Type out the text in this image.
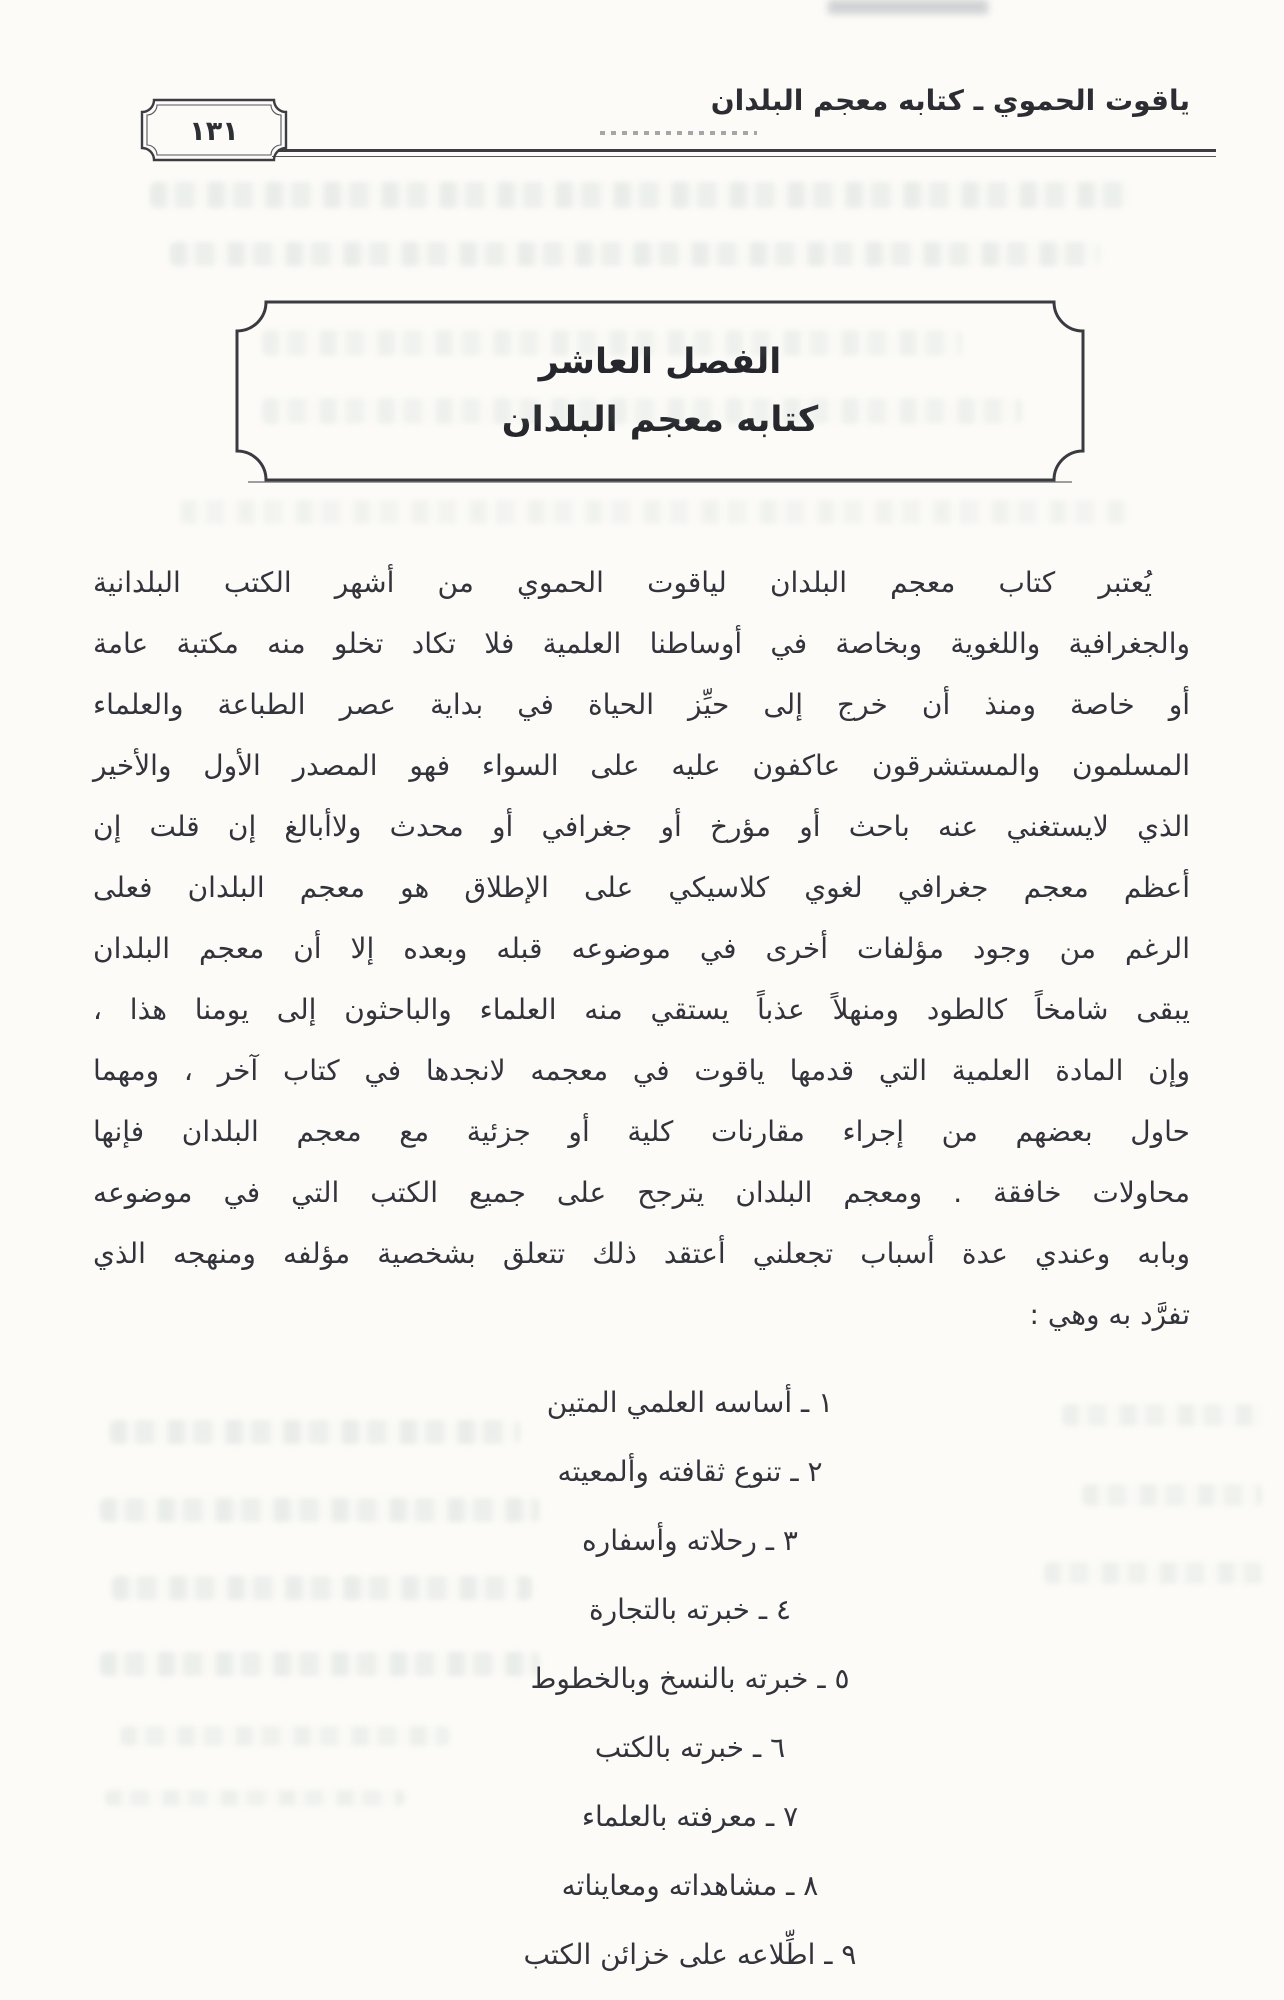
ياقوت الحموي ـ كتابه معجم البلدان
١٣١
الفصل العاشر
كتابه معجم البلدان
يُعتبر كتاب معجم البلدان لياقوت الحموي من أشهر الكتب البلدانية
والجغرافية واللغوية وبخاصة في أوساطنا العلمية فلا تكاد تخلو منه مكتبة عامة
أو خاصة ومنذ أن خرج إلى حيِّز الحياة في بداية عصر الطباعة والعلماء
المسلمون والمستشرقون عاكفون عليه على السواء فهو المصدر الأول والأخير
الذي لايستغني عنه باحث أو مؤرخ أو جغرافي أو محدث ولاأبالغ إن قلت إن
أعظم معجم جغرافي لغوي كلاسيكي على الإطلاق هو معجم البلدان فعلى
الرغم من وجود مؤلفات أخرى في موضوعه قبله وبعده إلا أن معجم البلدان
يبقى شامخاً كالطود ومنهلاً عذباً يستقي منه العلماء والباحثون إلى يومنا هذا ،
وإن المادة العلمية التي قدمها ياقوت في معجمه لانجدها في كتاب آخر ، ومهما
حاول بعضهم من إجراء مقارنات كلية أو جزئية مع معجم البلدان فإنها
محاولات خافقة . ومعجم البلدان يترجح على جميع الكتب التي في موضوعه
وبابه وعندي عدة أسباب تجعلني أعتقد ذلك تتعلق بشخصية مؤلفه ومنهجه الذي
تفرَّد به وهي :
١ ـ أساسه العلمي المتين
٢ ـ تنوع ثقافته وألمعيته
٣ ـ رحلاته وأسفاره
٤ ـ خبرته بالتجارة
٥ ـ خبرته بالنسخ وبالخطوط
٦ ـ خبرته بالكتب
٧ ـ معرفته بالعلماء
٨ ـ مشاهداته ومعايناته
٩ ـ اطِّلاعه على خزائن الكتب
